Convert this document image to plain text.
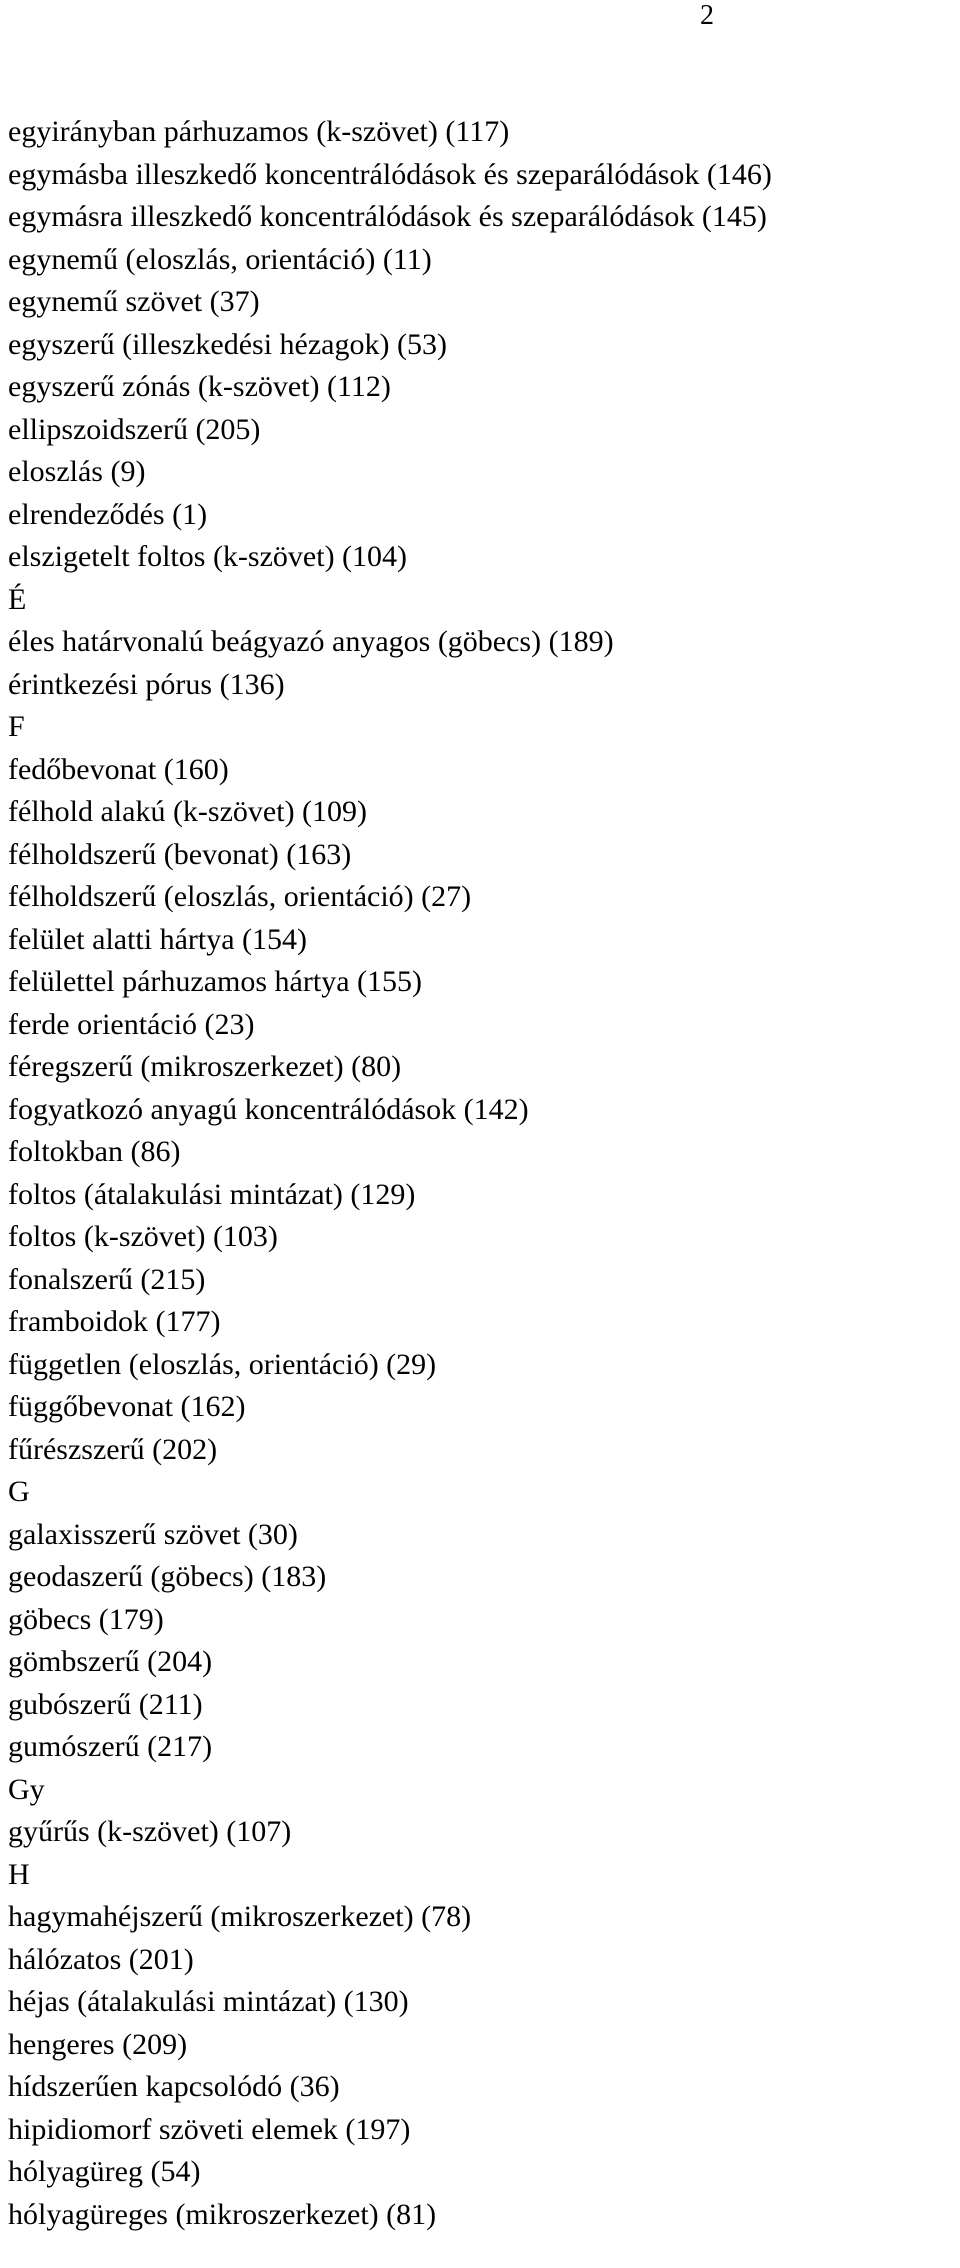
2
egyirányban párhuzamos (k-szövet) (117)
egymásba illeszkedő koncentrálódások és szeparálódások (146)
egymásra illeszkedő koncentrálódások és szeparálódások (145)
egynemű (eloszlás, orientáció) (11)
egynemű szövet (37)
egyszerű (illeszkedési hézagok) (53)
egyszerű zónás (k-szövet) (112)
ellipszoidszerű (205)
eloszlás (9)
elrendeződés (1)
elszigetelt foltos (k-szövet) (104)
É
éles határvonalú beágyazó anyagos (göbecs) (189)
érintkezési pórus (136)
F
fedőbevonat (160)
félhold alakú (k-szövet) (109)
félholdszerű (bevonat) (163)
félholdszerű (eloszlás, orientáció) (27)
felület alatti hártya (154)
felülettel párhuzamos hártya (155)
ferde orientáció (23)
féregszerű (mikroszerkezet) (80)
fogyatkozó anyagú koncentrálódások (142)
foltokban (86)
foltos (átalakulási mintázat) (129)
foltos (k-szövet) (103)
fonalszerű (215)
framboidok (177)
független (eloszlás, orientáció) (29)
függőbevonat (162)
fűrészszerű (202)
G
galaxisszerű szövet (30)
geodaszerű (göbecs) (183)
göbecs (179)
gömbszerű (204)
gubószerű (211)
gumószerű (217)
Gy
gyűrűs (k-szövet) (107)
H
hagymahéjszerű (mikroszerkezet) (78)
hálózatos (201)
héjas (átalakulási mintázat) (130)
hengeres (209)
hídszerűen kapcsolódó (36)
hipidiomorf szöveti elemek (197)
hólyagüreg (54)
hólyagüreges (mikroszerkezet) (81)
